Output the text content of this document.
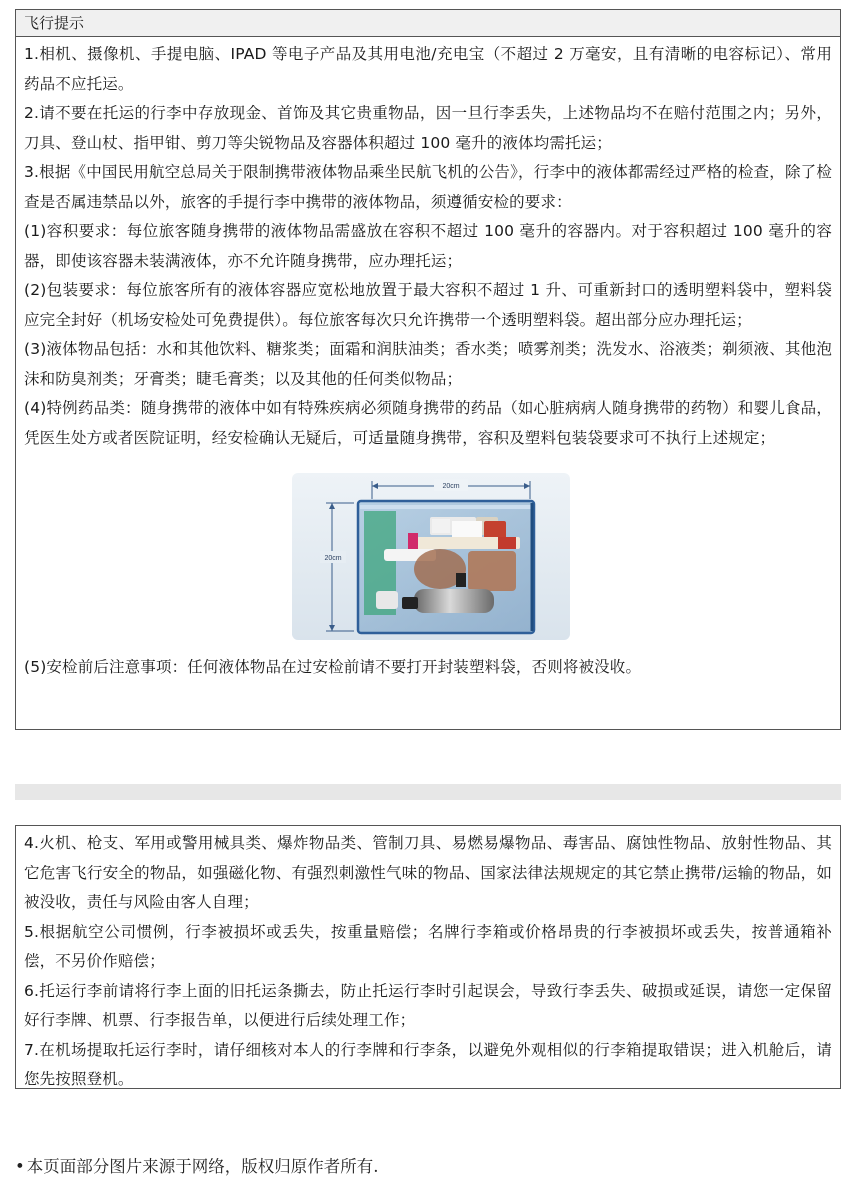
飞行提示

1.相机、摄像机、手提电脑、IPAD 等电子产品及其用电池/充电宝（不超过 2 万毫安，且有清晰的电容标记）、常用药品不应托运。

2.请不要在托运的行李中存放现金、首饰及其它贵重物品，因一旦行李丢失，上述物品均不在赔付范围之内；另外，刀具、登山杖、指甲钳、剪刀等尖锐物品及容器体积超过 100 毫升的液体均需托运；

3.根据《中国民用航空总局关于限制携带液体物品乘坐民航飞机的公告》，行李中的液体都需经过严格的检查，除了检查是否属违禁品以外，旅客的手提行李中携带的液体物品，须遵循安检的要求：

(1)容积要求：每位旅客随身携带的液体物品需盛放在容积不超过 100 毫升的容器内。对于容积超过 100 毫升的容器，即使该容器未装满液体，亦不允许随身携带，应办理托运；

(2)包装要求：每位旅客所有的液体容器应宽松地放置于最大容积不超过 1 升、可重新封口的透明塑料袋中，塑料袋应完全封好（机场安检处可免费提供）。每位旅客每次只允许携带一个透明塑料袋。超出部分应办理托运；

(3)液体物品包括：水和其他饮料、糖浆类；面霜和润肤油类；香水类；喷雾剂类；洗发水、浴液类；剃须液、其他泡沫和防臭剂类；牙膏类；睫毛膏类；以及其他的任何类似物品；

(4)特例药品类：随身携带的液体中如有特殊疾病必须随身携带的药品（如心脏病病人随身携带的药物）和婴儿食品，凭医生处方或者医院证明，经安检确认无疑后，可适量随身携带，容积及塑料包装袋要求可不执行上述规定；

20cm
20cm

(5)安检前后注意事项：任何液体物品在过安检前请不要打开封装塑料袋，否则将被没收。

4.火机、枪支、军用或警用械具类、爆炸物品类、管制刀具、易燃易爆物品、毒害品、腐蚀性物品、放射性物品、其它危害飞行安全的物品，如强磁化物、有强烈刺激性气味的物品、国家法律法规规定的其它禁止携带/运输的物品，如被没收，责任与风险由客人自理；

5.根据航空公司惯例，行李被损坏或丢失，按重量赔偿；名牌行李箱或价格昂贵的行李被损坏或丢失，按普通箱补偿，不另价作赔偿；

6.托运行李前请将行李上面的旧托运条撕去，防止托运行李时引起误会，导致行李丢失、破损或延误，请您一定保留好行李牌、机票、行李报告单，以便进行后续处理工作；

7.在机场提取托运行李时，请仔细核对本人的行李牌和行李条，以避免外观相似的行李箱提取错误；进入机舱后，请您先按照登机。

• 本页面部分图片来源于网络，版权归原作者所有.
